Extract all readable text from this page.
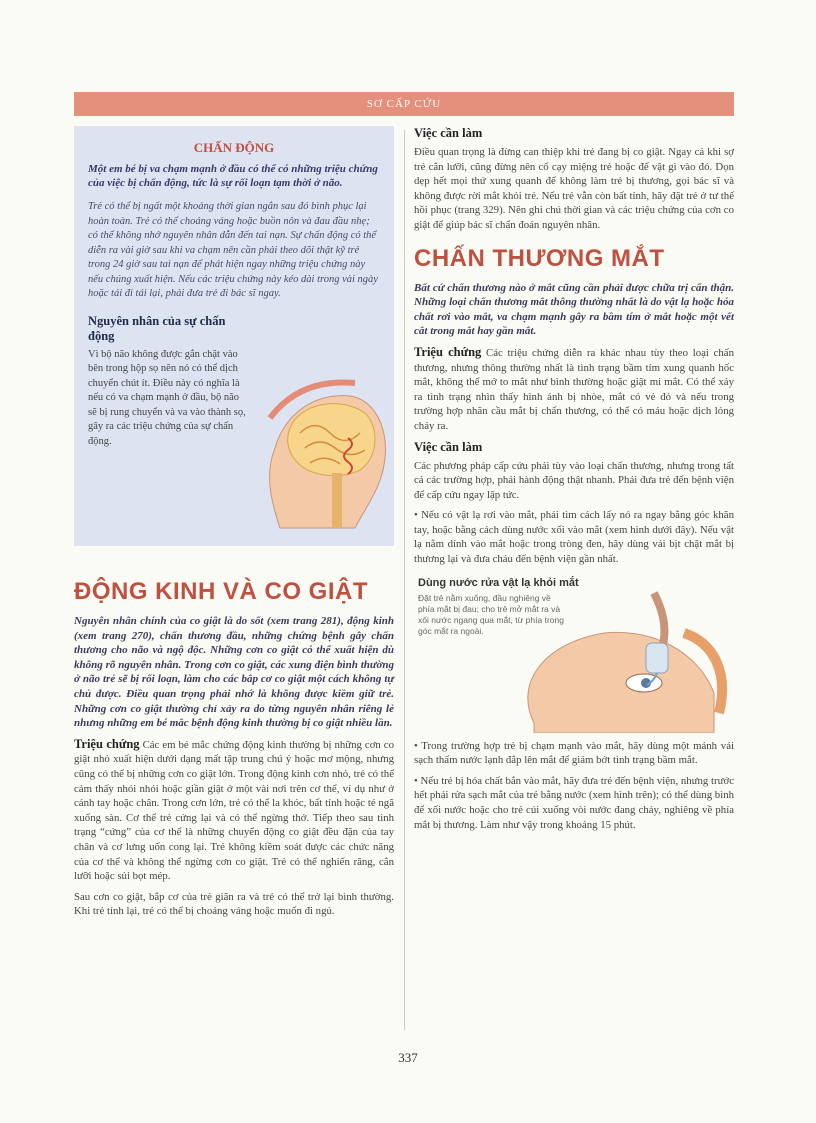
SƠ CẤP CỨU
CHẤN ĐỘNG

Một em bé bị va chạm mạnh ở đầu có thể có những triệu chứng của việc bị chấn động, tức là sự rối loạn tạm thời ở não.

Trẻ có thể bị ngất một khoảng thời gian ngắn sau đó bình phục lại hoàn toàn. Trẻ có thể choáng váng hoặc buồn nôn và đau đầu nhẹ; có thể không nhớ nguyên nhân dẫn đến tai nạn. Sự chấn động có thể diễn ra vài giờ sau khi va chạm nên cần phải theo dõi thật kỹ trẻ trong 24 giờ sau tai nạn để phát hiện ngay những triệu chứng này nếu chúng xuất hiện. Nếu các triệu chứng này kéo dài trong vài ngày hoặc tái đi tái lại, phải đưa trẻ đi bác sĩ ngay.

Nguyên nhân của sự chấn động

Vì bộ não không được gắn chặt vào bên trong hộp sọ nên nó có thể dịch chuyển chút ít. Điều này có nghĩa là nếu có va chạm mạnh ở đầu, bộ não sẽ bị rung chuyển và va vào thành sọ, gây ra các triệu chứng của sự chấn động.

ĐỘNG KINH VÀ CO GIẬT

Nguyên nhân chính của co giật là do sốt (xem trang 281), động kinh (xem trang 270), chấn thương đầu, những chứng bệnh gây chấn thương cho não và ngộ độc. Những cơn co giật có thể xuất hiện dù không rõ nguyên nhân. Trong cơn co giật, các xung điện bình thường ở não trẻ sẽ bị rối loạn, làm cho các bắp cơ co giật một cách không tự chủ được. Điều quan trọng phải nhớ là không được kiềm giữ trẻ. Những cơn co giật thường chỉ xảy ra do từng nguyên nhân riêng lẻ nhưng những em bé mắc bệnh động kinh thường bị co giật nhiều lần.

Triệu chứng Các em bé mắc chứng động kinh thường bị những cơn co giật nhỏ xuất hiện dưới dạng mất tập trung chú ý hoặc mơ mộng, nhưng cũng có thể bị những cơn co giật lớn. Trong động kinh cơn nhỏ, trẻ có thể cảm thấy nhói nhói hoặc giần giật ở một vài nơi trên cơ thể, ví dụ như ở cánh tay hoặc chân. Trong cơn lớn, trẻ có thể la khóc, bất tỉnh hoặc té ngã xuống sàn. Cơ thể trẻ cứng lại và có thể ngừng thở. Tiếp theo sau tình trạng “cứng” của cơ thể là những chuyển động co giật đều đặn của tay chân và cơ lưng uốn cong lại. Trẻ không kiềm soát được các chức năng của cơ thể và không thể ngừng cơn co giật. Trẻ có thể nghiến răng, cắn lưỡi hoặc sủi bọt mép.

Sau cơn co giật, bắp cơ của trẻ giãn ra và trẻ có thể trở lại bình thường. Khi trẻ tỉnh lại, trẻ có thể bị choáng váng hoặc muốn đi ngủ.

Việc cần làm

Điều quan trọng là đừng can thiệp khi trẻ đang bị co giật. Ngay cả khi sợ trẻ cắn lưỡi, cũng đừng nên cố cạy miệng trẻ hoặc để vật gì vào đó. Dọn dẹp hết mọi thứ xung quanh để không làm trẻ bị thương, gọi bác sĩ và không được rời mắt khỏi trẻ. Nếu trẻ vẫn còn bất tỉnh, hãy đặt trẻ ở tư thế hồi phục (trang 329). Nên ghi chú thời gian và các triệu chứng của cơn co giật để giúp bác sĩ chẩn đoán nguyên nhân.

CHẤN THƯƠNG MẮT

Bất cứ chấn thương nào ở mắt cũng cần phải được chữa trị cẩn thận. Những loại chấn thương mắt thông thường nhất là do vật lạ hoặc hóa chất rơi vào mắt, va chạm mạnh gây ra bầm tím ở mắt hoặc một vết cắt trong mắt hay gần mắt.

Triệu chứng Các triệu chứng diễn ra khác nhau tùy theo loại chấn thương, nhưng thông thường nhất là tình trạng bầm tím xung quanh hốc mắt, không thể mở to mắt như bình thường hoặc giật mi mắt. Có thể xảy ra tình trạng nhìn thấy hình ảnh bị nhòe, mắt có vẻ đỏ và nếu trong trường hợp nhãn cầu mắt bị chấn thương, có thể có máu hoặc dịch lỏng chảy ra.

Việc cần làm

Các phương pháp cấp cứu phải tùy vào loại chấn thương, nhưng trong tất cả các trường hợp, phải hành động thật nhanh. Phải đưa trẻ đến bệnh viện để cấp cứu ngay lập tức.

• Nếu có vật lạ rơi vào mắt, phải tìm cách lấy nó ra ngay bằng góc khăn tay, hoặc bằng cách dùng nước xối vào mắt (xem hình dưới đây). Nếu vật lạ nằm dính vào mắt hoặc trong tròng đen, hãy dùng vải bịt chặt mắt bị thương lại và đưa cháu đến bệnh viện gần nhất.

Dùng nước rửa vật lạ khỏi mắt
Đặt trẻ nằm xuống, đầu nghiêng về phía mắt bị đau; cho trẻ mở mắt ra và xối nước ngang qua mắt, từ phía trong góc mắt ra ngoài.

• Trong trường hợp trẻ bị chạm mạnh vào mắt, hãy dùng một mảnh vải sạch thấm nước lạnh đắp lên mắt để giảm bớt tình trạng bầm mắt.

• Nếu trẻ bị hóa chất bắn vào mắt, hãy đưa trẻ đến bệnh viện, nhưng trước hết phải rửa sạch mắt của trẻ bằng nước (xem hình trên); có thể dùng bình để xối nước hoặc cho trẻ cúi xuống vòi nước đang chảy, nghiêng về phía mắt bị thương. Làm như vậy trong khoảng 15 phút.

337
